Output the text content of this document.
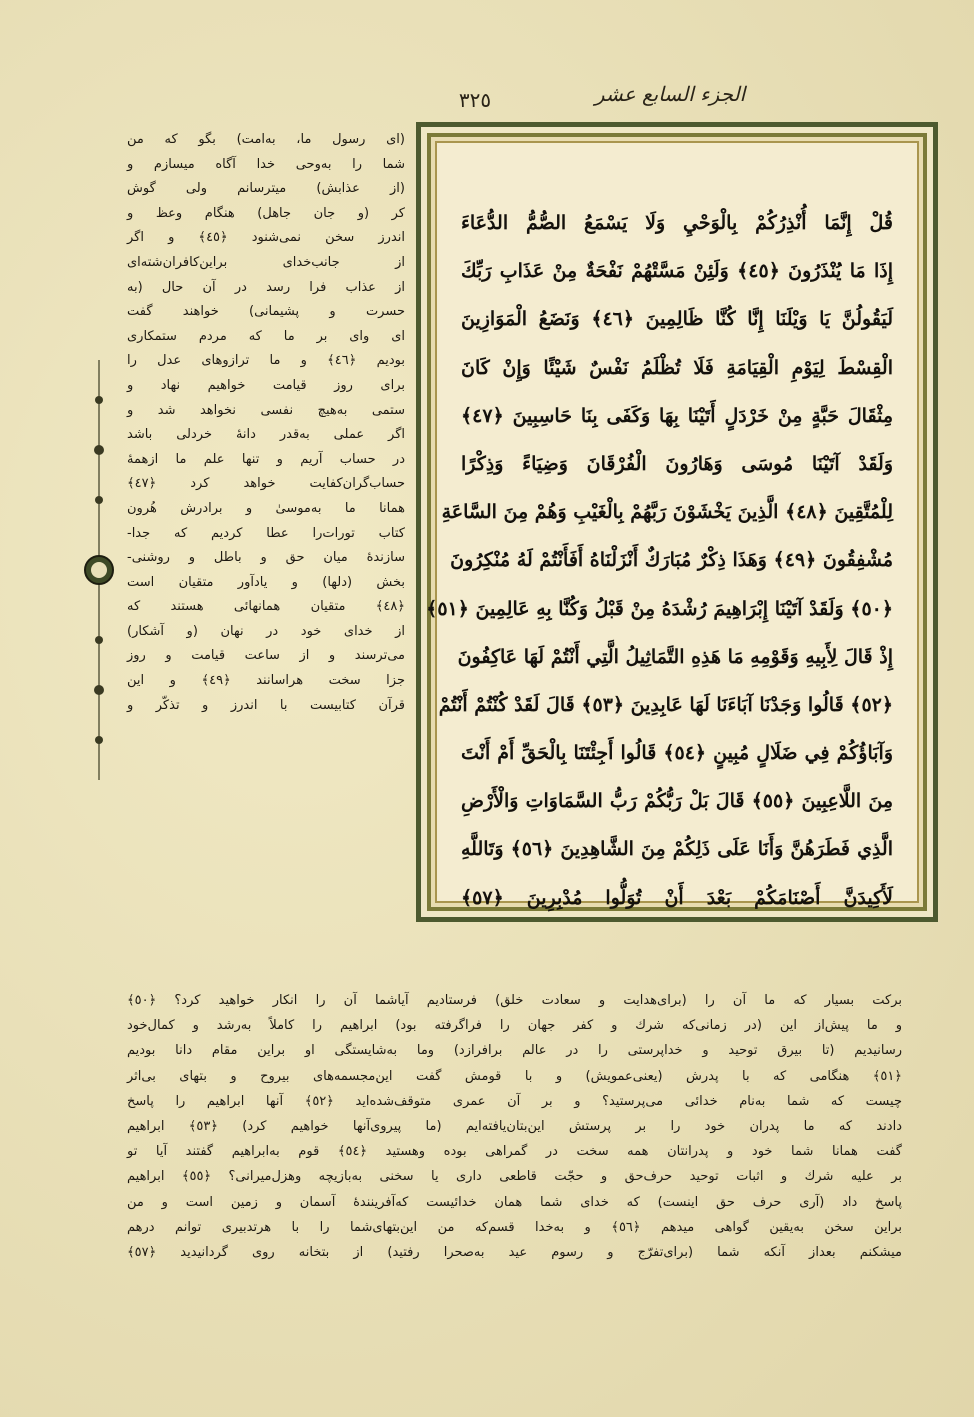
الجزء السابع عشر
٣٢٥
قُلْ إِنَّمَا أُنْذِرُكُمْ بِالْوَحْيِ وَلَا يَسْمَعُ الصُّمُّ الدُّعَاءَ
إِذَا مَا يُنْذَرُونَ ﴿٤٥﴾ وَلَئِنْ مَسَّتْهُمْ نَفْحَةٌ مِنْ عَذَابِ رَبِّكَ
لَيَقُولُنَّ يَا وَيْلَنَا إِنَّا كُنَّا ظَالِمِينَ ﴿٤٦﴾ وَنَضَعُ الْمَوَازِينَ
الْقِسْطَ لِيَوْمِ الْقِيَامَةِ فَلَا تُظْلَمُ نَفْسٌ شَيْئًا وَإِنْ كَانَ
مِثْقَالَ حَبَّةٍ مِنْ خَرْدَلٍ أَتَيْنَا بِهَا وَكَفَى بِنَا حَاسِبِينَ ﴿٤٧﴾
وَلَقَدْ آتَيْنَا مُوسَى وَهَارُونَ الْفُرْقَانَ وَضِيَاءً وَذِكْرًا
لِلْمُتَّقِينَ ﴿٤٨﴾ الَّذِينَ يَخْشَوْنَ رَبَّهُمْ بِالْغَيْبِ وَهُمْ مِنَ السَّاعَةِ
مُشْفِقُونَ ﴿٤٩﴾ وَهَذَا ذِكْرٌ مُبَارَكٌ أَنْزَلْنَاهُ أَفَأَنْتُمْ لَهُ مُنْكِرُونَ
﴿٥٠﴾ وَلَقَدْ آتَيْنَا إِبْرَاهِيمَ رُشْدَهُ مِنْ قَبْلُ وَكُنَّا بِهِ عَالِمِينَ ﴿٥١﴾
إِذْ قَالَ لِأَبِيهِ وَقَوْمِهِ مَا هَذِهِ التَّمَاثِيلُ الَّتِي أَنْتُمْ لَهَا عَاكِفُونَ
﴿٥٢﴾ قَالُوا وَجَدْنَا آبَاءَنَا لَهَا عَابِدِينَ ﴿٥٣﴾ قَالَ لَقَدْ كُنْتُمْ أَنْتُمْ
وَآبَاؤُكُمْ فِي ضَلَالٍ مُبِينٍ ﴿٥٤﴾ قَالُوا أَجِئْتَنَا بِالْحَقِّ أَمْ أَنْتَ
مِنَ اللَّاعِبِينَ ﴿٥٥﴾ قَالَ بَلْ رَبُّكُمْ رَبُّ السَّمَاوَاتِ وَالْأَرْضِ
الَّذِي فَطَرَهُنَّ وَأَنَا عَلَى ذَلِكُمْ مِنَ الشَّاهِدِينَ ﴿٥٦﴾ وَتَاللَّهِ
لَأَكِيدَنَّ أَصْنَامَكُمْ بَعْدَ أَنْ تُوَلُّوا مُدْبِرِينَ ﴿٥٧﴾
(ای رسول ما، به‌امت) بگو که من
شما را به‌وحی خدا آگاه میسازم و
(از عذابش) میترسانم ولی گوش
کر (و جان جاهل) هنگام وعظ و
اندرز سخن نمی‌شنود ﴿٤٥﴾ و اگر
از جانب‌خدای براین‌کافران‌شته‌ای
از عذاب فرا رسد در آن حال (به
حسرت و پشیمانی) خواهند گفت
ای وای بر ما که مردم ستمکاری
بودیم ﴿٤٦﴾ و ما ترازوهای عدل را
برای روز قیامت خواهیم نهاد و
ستمی به‌هیچ نفسی نخواهد شد و
اگر عملی به‌قدر دانهٔ خردلی باشد
در حساب آریم و تنها علم ما ازهمهٔ
حساب‌گران‌کفایت خواهد کرد ﴿٤٧﴾
همانا ما به‌موسیٰ و برادرش هُرون
کتاب تورات‌را عطا کردیم که جدا-
سازندهٔ میان حق و باطل و روشنی-
بخش (دلها) و یادآور متقیان است
﴿٤٨﴾ متقیان همانهائی هستند که
از خدای خود در نهان (و آشکار)
می‌ترسند و از ساعت قیامت و روز
جزا سخت هراسانند ﴿٤٩﴾ و این
قرآن کتابیست با اندرز و تذکّر و
برکت بسیار که ما آن را (برای‌هدایت و سعادت خلق) فرستادیم آیاشما آن را انکار خواهید کرد؟ ﴿٥٠﴾
و ما پیش‌از این (در زمانی‌که شرك و کفر جهان را فراگرفته بود) ابراهیم را کاملاً به‌رشد و کمال‌خود
رسانیدیم (تا بیرق توحید و خداپرستی را در عالم برافرازد) وما به‌شایستگی او براین مقام دانا بودیم
﴿٥١﴾ هنگامی که با پدرش (یعنی‌عمویش) و با قومش گفت این‌مجسمه‌های بیروح و بتهای بی‌اثر
چیست که شما به‌نام خدائی می‌پرستید؟ و بر آن عمری متوقف‌شده‌اید ﴿٥٢﴾ آنها ابراهیم را پاسخ
دادند که ما پدران خود را بر پرستش این‌بتان‌یافته‌ایم (ما پیروی‌آنها خواهیم کرد) ﴿٥٣﴾ ابراهیم
گفت همانا شما خود و پدرانتان همه سخت در گمراهی بوده وهستید ﴿٥٤﴾ قوم به‌ابراهیم گفتند آیا تو
بر علیه شرك و اثبات توحید حرف‌حق و حجّت قاطعی داری یا سخنی به‌بازیچه وهزل‌میرانی؟ ﴿٥٥﴾ ابراهیم
پاسخ داد (آری حرف حق اینست) که خدای شما همان خدائیست که‌آفرینندهٔ آسمان و زمین است و من
براین سخن به‌یقین گواهی میدهم ﴿٥٦﴾ و به‌خدا قسم‌که من این‌بتهای‌شما را با هرتدبیری توانم درهم
میشکنم بعداز آنکه شما (برای‌تفرّج و رسوم عید به‌صحرا رفتید) از بتخانه روی گردانیدید ﴿٥٧﴾
